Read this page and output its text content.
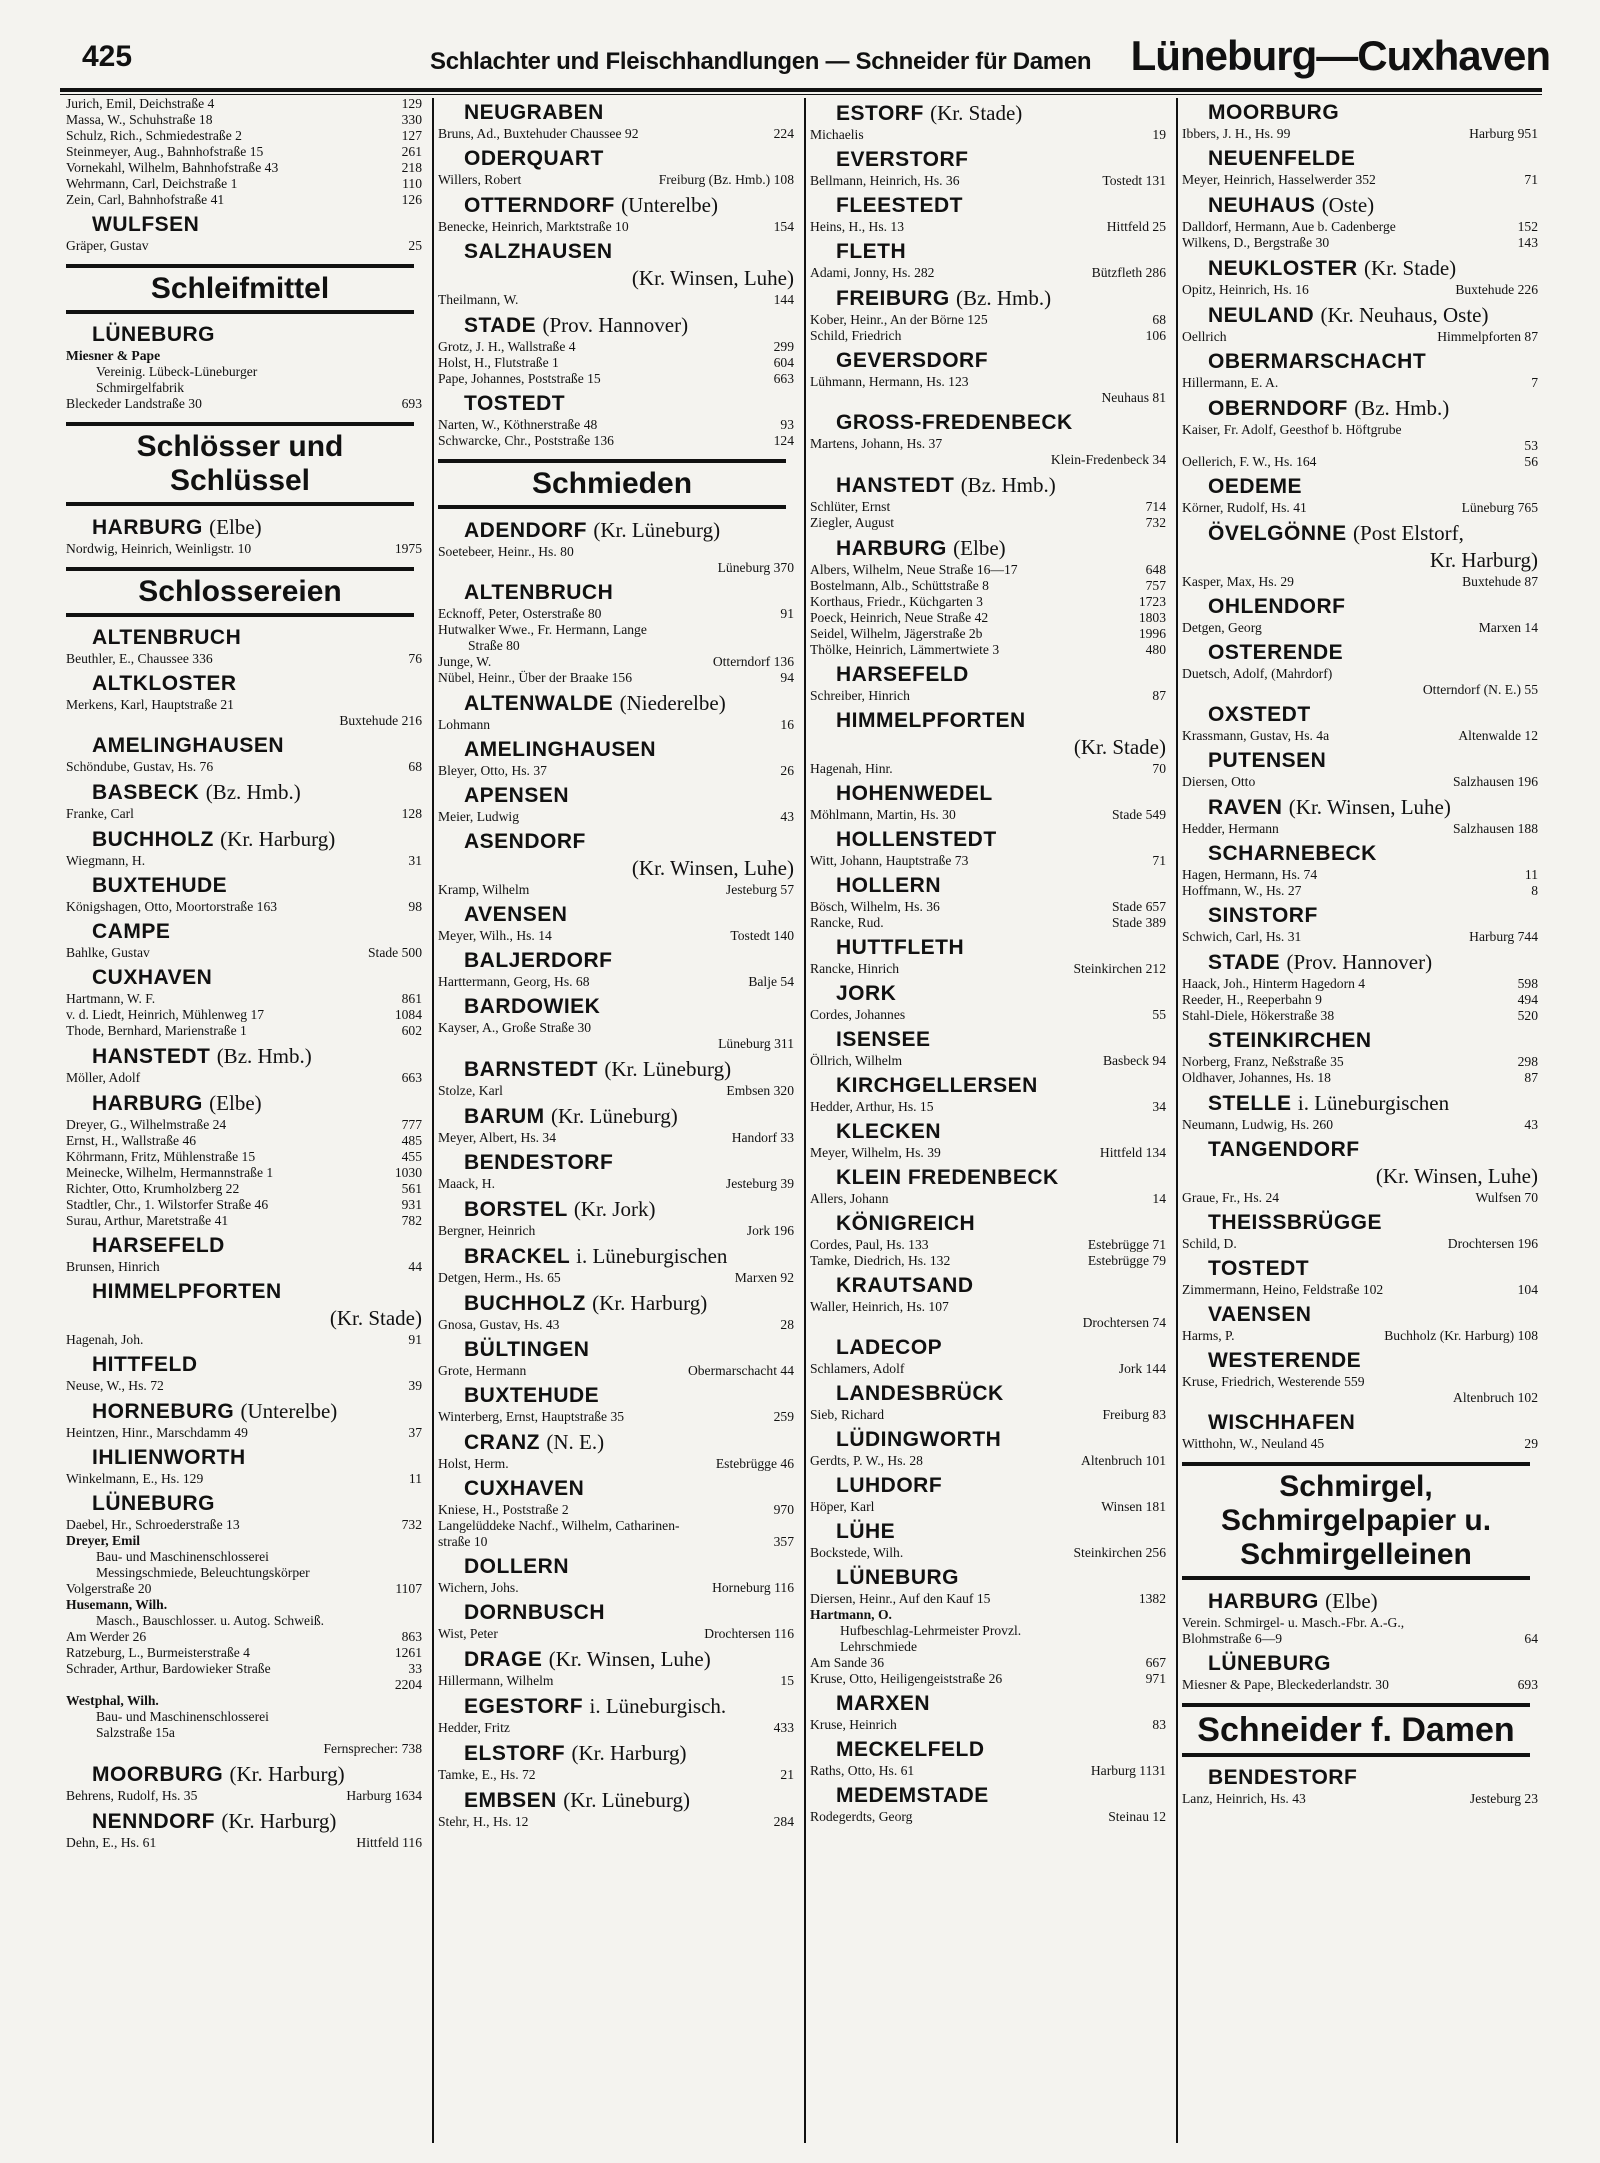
425	Schlachter und Fleischhandlungen — Schneider für Damen Lüneburg—Cuxhaven
Jurich, Emil, Deichstraße 4	129
Massa, W., Schuhstraße 18	330
Schulz, Rich., Schmiedestraße 2	127
Steinmeyer, Aug., Bahnhofstraße 15	261
Vornekahl, Wilhelm, Bahnhofstraße 43	218
Wehrmann, Carl, Deichstraße 1	110
Zein, Carl, Bahnhofstraße 41	126
WULFSEN
Gräper, Gustav	25
Schleifmittel
LÜNEBURG
Miesner & Pape
Vereinig. Lübeck-Lüneburger
Schmirgelfabrik
Bleckeder Landstraße 30	693
Schlösser und Schlüssel
HARBURG (Elbe)
Nordwig, Heinrich, Weinligstr. 10	1975
Schlossereien
ALTENBRUCH
Beuthler, E., Chaussee 336	76
ALTKLOSTER
Merkens, Karl, Hauptstraße 21
Buxtehude 216
AMELINGHAUSEN
Schöndube, Gustav, Hs. 76	68
BASBECK (Bz. Hmb.)
Franke, Carl	128
BUCHHOLZ (Kr. Harburg)
Wiegmann, H.	31
BUXTEHUDE
Königshagen, Otto, Moortorstraße 163	98
CAMPE
Bahlke, Gustav	Stade 500
CUXHAVEN
Hartmann, W. F.	861
v. d. Liedt, Heinrich, Mühlenweg 17	1084
Thode, Bernhard, Marienstraße 1	602
HANSTEDT (Bz. Hmb.)
Möller, Adolf	663
HARBURG (Elbe)
Dreyer, G., Wilhelmstraße 24	777
Ernst, H., Wallstraße 46	485
Köhrmann, Fritz, Mühlenstraße 15	455
Meinecke, Wilhelm, Hermannstraße 1	1030
Richter, Otto, Krumholzberg 22	561
Stadtler, Chr., 1. Wilstorfer Straße 46	931
Surau, Arthur, Maretstraße 41	782
HARSEFELD
Brunsen, Hinrich	44
HIMMELPFORTEN
(Kr. Stade)
Hagenah, Joh.	91
HITTFELD
Neuse, W., Hs. 72	39
HORNEBURG (Unterelbe)
Heintzen, Hinr., Marschdamm 49	37
IHLIENWORTH
Winkelmann, E., Hs. 129	11
LÜNEBURG
Daebel, Hr., Schroederstraße 13	732
Dreyer, Emil
Bau- und Maschinenschlosserei
Messingschmiede, Beleuchtungskörper
Volgerstraße 20	1107
Husemann, Wilh.
Masch., Bauschlosser. u. Autog. Schweiß.
Am Werder 26	863
Ratzeburg, L., Burmeisterstraße 4	1261
Schrader, Arthur, Bardowieker Straße	33
2204
Westphal, Wilh.
Bau- und Maschinenschlosserei
Salzstraße 15a
Fernsprecher: 738
MOORBURG (Kr. Harburg)
Behrens, Rudolf, Hs. 35	Harburg 1634
NENNDORF (Kr. Harburg)
Dehn, E., Hs. 61	Hittfeld 116
NEUGRABEN
Bruns, Ad., Buxtehuder Chaussee 92	224
ODERQUART
Willers, Robert	Freiburg (Bz. Hmb.) 108
OTTERNDORF (Unterelbe)
Benecke, Heinrich, Marktstraße 10	154
SALZHAUSEN
(Kr. Winsen, Luhe)
Theilmann, W.	144
STADE (Prov. Hannover)
Grotz, J. H., Wallstraße 4	299
Holst, H., Flutstraße 1	604
Pape, Johannes, Poststraße 15	663
TOSTEDT
Narten, W., Köthnerstraße 48	93
Schwarcke, Chr., Poststraße 136	124
Schmieden
ADENDORF (Kr. Lüneburg)
Soetebeer, Heinr., Hs. 80
Lüneburg 370
ALTENBRUCH
Ecknoff, Peter, Osterstraße 80	91
Hutwalker Wwe., Fr. Hermann, Lange
Straße 80
Junge, W.	Otterndorf 136
Nübel, Heinr., Über der Braake 156	94
ALTENWALDE (Niederelbe)
Lohmann	16
AMELINGHAUSEN
Bleyer, Otto, Hs. 37	26
APENSEN
Meier, Ludwig	43
ASENDORF
(Kr. Winsen, Luhe)
Kramp, Wilhelm	Jesteburg 57
AVENSEN
Meyer, Wilh., Hs. 14	Tostedt 140
BALJERDORF
Harttermann, Georg, Hs. 68	Balje 54
BARDOWIEK
Kayser, A., Große Straße 30
Lüneburg 311
BARNSTEDT (Kr. Lüneburg)
Stolze, Karl	Embsen 320
BARUM (Kr. Lüneburg)
Meyer, Albert, Hs. 34	Handorf 33
BENDESTORF
Maack, H.	Jesteburg 39
BORSTEL (Kr. Jork)
Bergner, Heinrich	Jork 196
BRACKEL i. Lüneburgischen
Detgen, Herm., Hs. 65	Marxen 92
BUCHHOLZ (Kr. Harburg)
Gnosa, Gustav, Hs. 43	28
BÜLTINGEN
Grote, Hermann	Obermarschacht 44
BUXTEHUDE
Winterberg, Ernst, Hauptstraße 35	259
CRANZ (N. E.)
Holst, Herm.	Estebrügge 46
CUXHAVEN
Kniese, H., Poststraße 2	970
Langelüddeke Nachf., Wilhelm, Catharinen-
straße 10	357
DOLLERN
Wichern, Johs.	Horneburg 116
DORNBUSCH
Wist, Peter	Drochtersen 116
DRAGE (Kr. Winsen, Luhe)
Hillermann, Wilhelm	15
EGESTORF i. Lüneburgisch.
Hedder, Fritz	433
ELSTORF (Kr. Harburg)
Tamke, E., Hs. 72	21
EMBSEN (Kr. Lüneburg)
Stehr, H., Hs. 12	284
ESTORF (Kr. Stade)
Michaelis	19
EVERSTORF
Bellmann, Heinrich, Hs. 36	Tostedt 131
FLEESTEDT
Heins, H., Hs. 13	Hittfeld 25
FLETH
Adami, Jonny, Hs. 282	Bützfleth 286
FREIBURG (Bz. Hmb.)
Kober, Heinr., An der Börne 125	68
Schild, Friedrich	106
GEVERSDORF
Lühmann, Hermann, Hs. 123
Neuhaus 81
GROSS-FREDENBECK
Martens, Johann, Hs. 37
Klein-Fredenbeck 34
HANSTEDT (Bz. Hmb.)
Schlüter, Ernst	714
Ziegler, August	732
HARBURG (Elbe)
Albers, Wilhelm, Neue Straße 16—17	648
Bostelmann, Alb., Schüttstraße 8	757
Korthaus, Friedr., Küchgarten 3	1723
Poeck, Heinrich, Neue Straße 42	1803
Seidel, Wilhelm, Jägerstraße 2b	1996
Thölke, Heinrich, Lämmertwiete 3	480
HARSEFELD
Schreiber, Hinrich	87
HIMMELPFORTEN
(Kr. Stade)
Hagenah, Hinr.	70
HOHENWEDEL
Möhlmann, Martin, Hs. 30	Stade 549
HOLLENSTEDT
Witt, Johann, Hauptstraße 73	71
HOLLERN
Bösch, Wilhelm, Hs. 36	Stade 657
Rancke, Rud.	Stade 389
HUTTFLETH
Rancke, Hinrich	Steinkirchen 212
JORK
Cordes, Johannes	55
ISENSEE
Öllrich, Wilhelm	Basbeck 94
KIRCHGELLERSEN
Hedder, Arthur, Hs. 15	34
KLECKEN
Meyer, Wilhelm, Hs. 39	Hittfeld 134
KLEIN FREDENBECK
Allers, Johann	14
KÖNIGREICH
Cordes, Paul, Hs. 133	Estebrügge 71
Tamke, Diedrich, Hs. 132	Estebrügge 79
KRAUTSAND
Waller, Heinrich, Hs. 107
Drochtersen 74
LADECOP
Schlamers, Adolf	Jork 144
LANDESBRÜCK
Sieb, Richard	Freiburg 83
LÜDINGWORTH
Gerdts, P. W., Hs. 28	Altenbruch 101
LUHDORF
Höper, Karl	Winsen 181
LÜHE
Bockstede, Wilh.	Steinkirchen 256
LÜNEBURG
Diersen, Heinr., Auf den Kauf 15	1382
Hartmann, O.
Hufbeschlag-Lehrmeister Provzl.
Lehrschmiede
Am Sande 36	667
Kruse, Otto, Heiligengeiststraße 26	971
MARXEN
Kruse, Heinrich	83
MECKELFELD
Raths, Otto, Hs. 61	Harburg 1131
MEDEMSTADE
Rodegerdts, Georg	Steinau 12
MOORBURG
Ibbers, J. H., Hs. 99	Harburg 951
NEUENFELDE
Meyer, Heinrich, Hasselwerder 352	71
NEUHAUS (Oste)
Dalldorf, Hermann, Aue b. Cadenberge	152
Wilkens, D., Bergstraße 30	143
NEUKLOSTER (Kr. Stade)
Opitz, Heinrich, Hs. 16	Buxtehude 226
NEULAND (Kr. Neuhaus, Oste)
Oellrich	Himmelpforten 87
OBERMARSCHACHT
Hillermann, E. A.	7
OBERNDORF (Bz. Hmb.)
Kaiser, Fr. Adolf, Geesthof b. Höftgrube
53
Oellerich, F. W., Hs. 164	56
OEDEME
Körner, Rudolf, Hs. 41	Lüneburg 765
ÖVELGÖNNE (Post Elstorf,
Kr. Harburg)
Kasper, Max, Hs. 29	Buxtehude 87
OHLENDORF
Detgen, Georg	Marxen 14
OSTERENDE
Duetsch, Adolf, (Mahrdorf)
Otterndorf (N. E.) 55
OXSTEDT
Krassmann, Gustav, Hs. 4a	Altenwalde 12
PUTENSEN
Diersen, Otto	Salzhausen 196
RAVEN (Kr. Winsen, Luhe)
Hedder, Hermann	Salzhausen 188
SCHARNEBECK
Hagen, Hermann, Hs. 74	11
Hoffmann, W., Hs. 27	8
SINSTORF
Schwich, Carl, Hs. 31	Harburg 744
STADE (Prov. Hannover)
Haack, Joh., Hinterm Hagedorn 4	598
Reeder, H., Reeperbahn 9	494
Stahl-Diele, Hökerstraße 38	520
STEINKIRCHEN
Norberg, Franz, Neßstraße 35	298
Oldhaver, Johannes, Hs. 18	87
STELLE i. Lüneburgischen
Neumann, Ludwig, Hs. 260	43
TANGENDORF
(Kr. Winsen, Luhe)
Graue, Fr., Hs. 24	Wulfsen 70
THEISSBRÜGGE
Schild, D.	Drochtersen 196
TOSTEDT
Zimmermann, Heino, Feldstraße 102	104
VAENSEN
Harms, P.	Buchholz (Kr. Harburg) 108
WESTERENDE
Kruse, Friedrich, Westerende 559
Altenbruch 102
WISCHHAFEN
Witthohn, W., Neuland 45	29
Schmirgel, Schmirgelpapier u. Schmirgelleinen
HARBURG (Elbe)
Verein. Schmirgel- u. Masch.-Fbr. A.-G.,
Blohmstraße 6—9	64
LÜNEBURG
Miesner & Pape, Bleckederlandstr. 30	693
Schneider f. Damen
BENDESTORF
Lanz, Heinrich, Hs. 43	Jesteburg 23
